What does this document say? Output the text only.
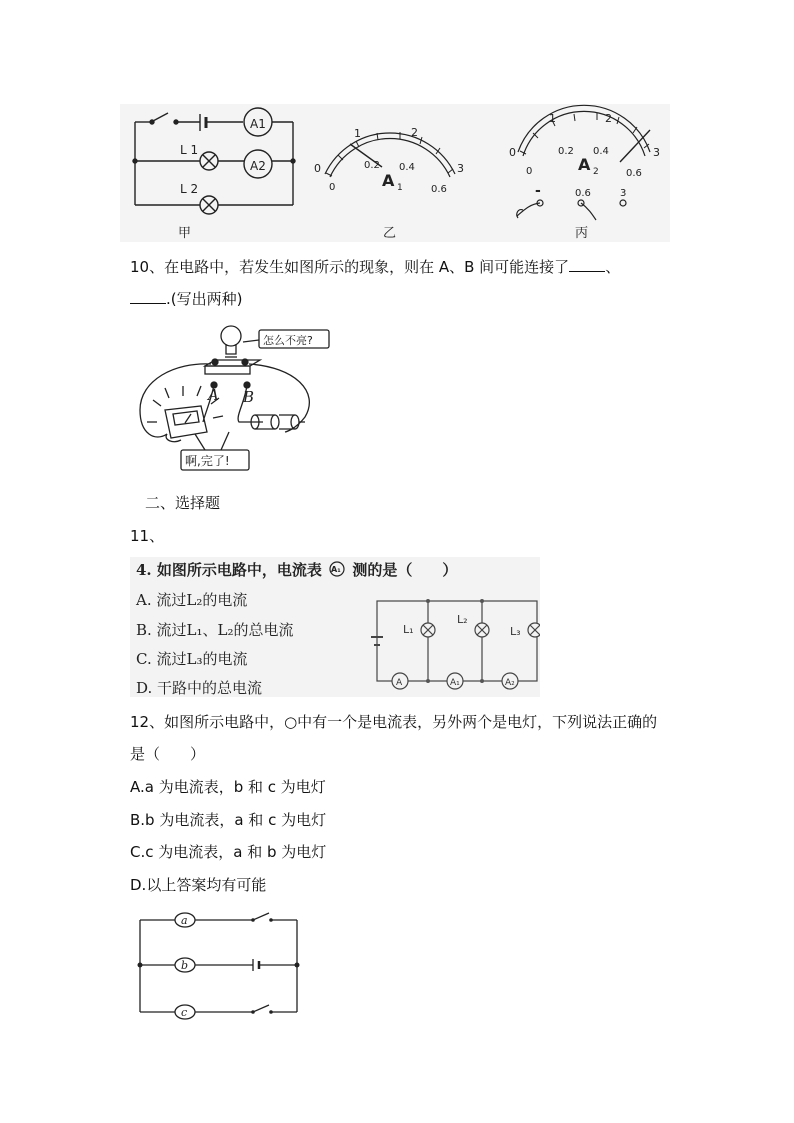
A1
A2
L 1
L 2
甲
0
1	2
3
0
0.2 0.4
0.6
A 1
乙
0
1	2
3
0
0.2 0.4
0.6
A 2
-	0.6	3
丙
10、在电路中，若发生如图所示的现象，则在 A、B 间可能连接了 、
.(写出两种)
怎么不亮?
A B
啊,完了!
二、选择题
11、
4. 如图所示电路中，电流表 A₁ 测的是（　　）
A. 流过L₂的电流
B. 流过L₁、L₂的总电流
C. 流过L₃的电流
D. 干路中的总电流
L₁
L₂
L₃
A	A₁	A₂
12、如图所示电路中，○中有一个是电流表，另外两个是电灯，下列说法正确的
是（　　）
A.a 为电流表，b 和 c 为电灯
B.b 为电流表，a 和 c 为电灯
C.c 为电流表，a 和 b 为电灯
D.以上答案均有可能
a
b
c
